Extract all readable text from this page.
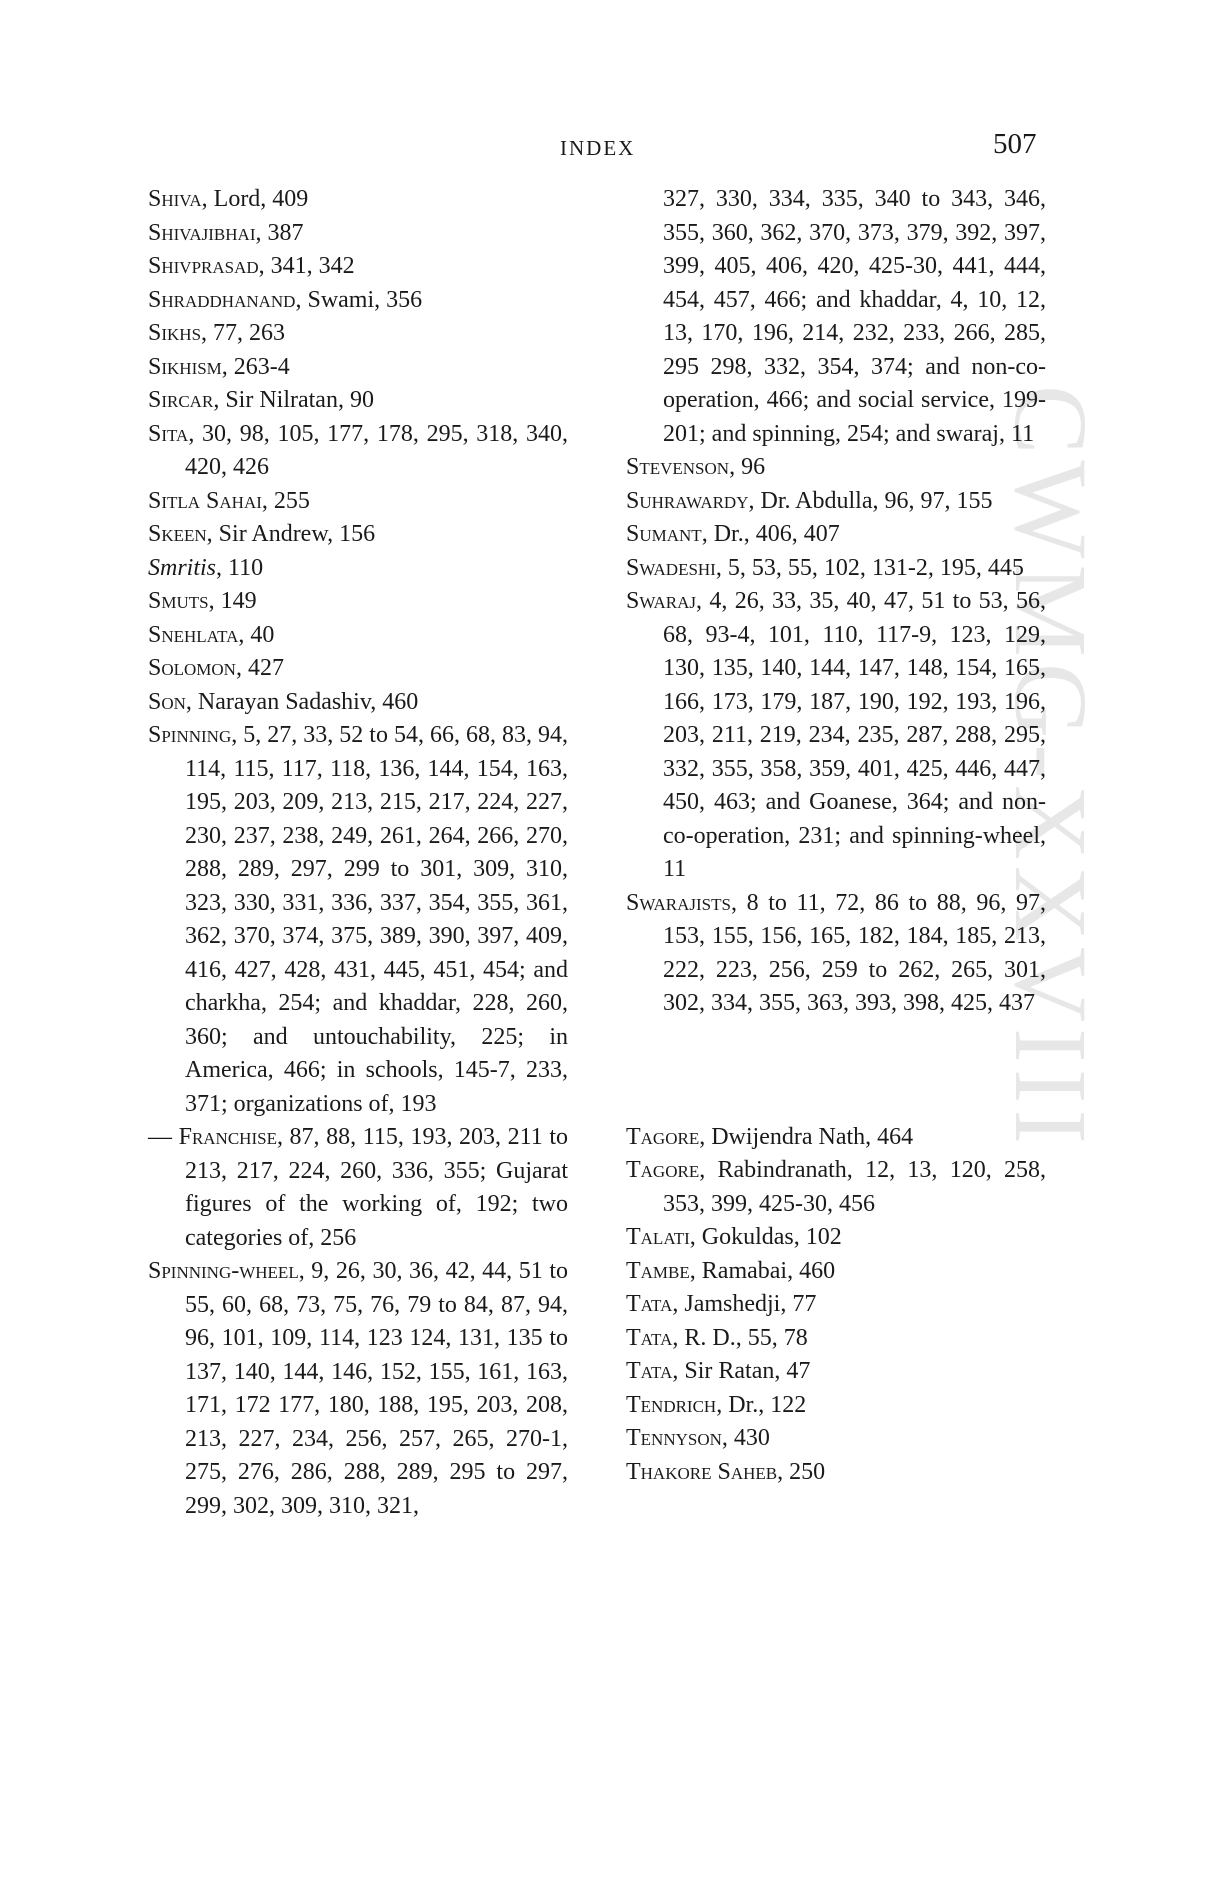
CWMG-XXVIII
INDEX	507
Shiva, Lord, 409
Shivajibhai, 387
Shivprasad, 341, 342
Shraddhanand, Swami, 356
Sikhs, 77, 263
Sikhism, 263-4
Sircar, Sir Nilratan, 90
Sita, 30, 98, 105, 177, 178, 295, 318, 340, 420, 426
Sitla Sahai, 255
Skeen, Sir Andrew, 156
Smritis, 110
Smuts, 149
Snehlata, 40
Solomon, 427
Son, Narayan Sadashiv, 460
Spinning, 5, 27, 33, 52 to 54, 66, 68, 83, 94, 114, 115, 117, 118, 136, 144, 154, 163, 195, 203, 209, 213, 215, 217, 224, 227, 230, 237, 238, 249, 261, 264, 266, 270, 288, 289, 297, 299 to 301, 309, 310, 323, 330, 331, 336, 337, 354, 355, 361, 362, 370, 374, 375, 389, 390, 397, 409, 416, 427, 428, 431, 445, 451, 454; and charkha, 254; and khaddar, 228, 260, 360; and untouchability, 225; in America, 466; in schools, 145-7, 233, 371; organizations of, 193
— Franchise, 87, 88, 115, 193, 203, 211 to 213, 217, 224, 260, 336, 355; Gujarat figures of the working of, 192; two categories of, 256
Spinning-wheel, 9, 26, 30, 36, 42, 44, 51 to 55, 60, 68, 73, 75, 76, 79 to 84, 87, 94, 96, 101, 109, 114, 123 124, 131, 135 to 137, 140, 144, 146, 152, 155, 161, 163, 171, 172 177, 180, 188, 195, 203, 208, 213, 227, 234, 256, 257, 265, 270-1, 275, 276, 286, 288, 289, 295 to 297, 299, 302, 309, 310, 321,
327, 330, 334, 335, 340 to 343, 346, 355, 360, 362, 370, 373, 379, 392, 397, 399, 405, 406, 420, 425-30, 441, 444, 454, 457, 466; and khaddar, 4, 10, 12, 13, 170, 196, 214, 232, 233, 266, 285, 295 298, 332, 354, 374; and non-co-operation, 466; and social service, 199-201; and spinning, 254; and swaraj, 11
Stevenson, 96
Suhrawardy, Dr. Abdulla, 96, 97, 155
Sumant, Dr., 406, 407
Swadeshi, 5, 53, 55, 102, 131-2, 195, 445
Swaraj, 4, 26, 33, 35, 40, 47, 51 to 53, 56, 68, 93-4, 101, 110, 117-9, 123, 129, 130, 135, 140, 144, 147, 148, 154, 165, 166, 173, 179, 187, 190, 192, 193, 196, 203, 211, 219, 234, 235, 287, 288, 295, 332, 355, 358, 359, 401, 425, 446, 447, 450, 463; and Goanese, 364; and non-co-operation, 231; and spinning-wheel, 11
Swarajists, 8 to 11, 72, 86 to 88, 96, 97, 153, 155, 156, 165, 182, 184, 185, 213, 222, 223, 256, 259 to 262, 265, 301, 302, 334, 355, 363, 393, 398, 425, 437
Tagore, Dwijendra Nath, 464
Tagore, Rabindranath, 12, 13, 120, 258, 353, 399, 425-30, 456
Talati, Gokuldas, 102
Tambe, Ramabai, 460
Tata, Jamshedji, 77
Tata, R. D., 55, 78
Tata, Sir Ratan, 47
Tendrich, Dr., 122
Tennyson, 430
Thakore Saheb, 250
